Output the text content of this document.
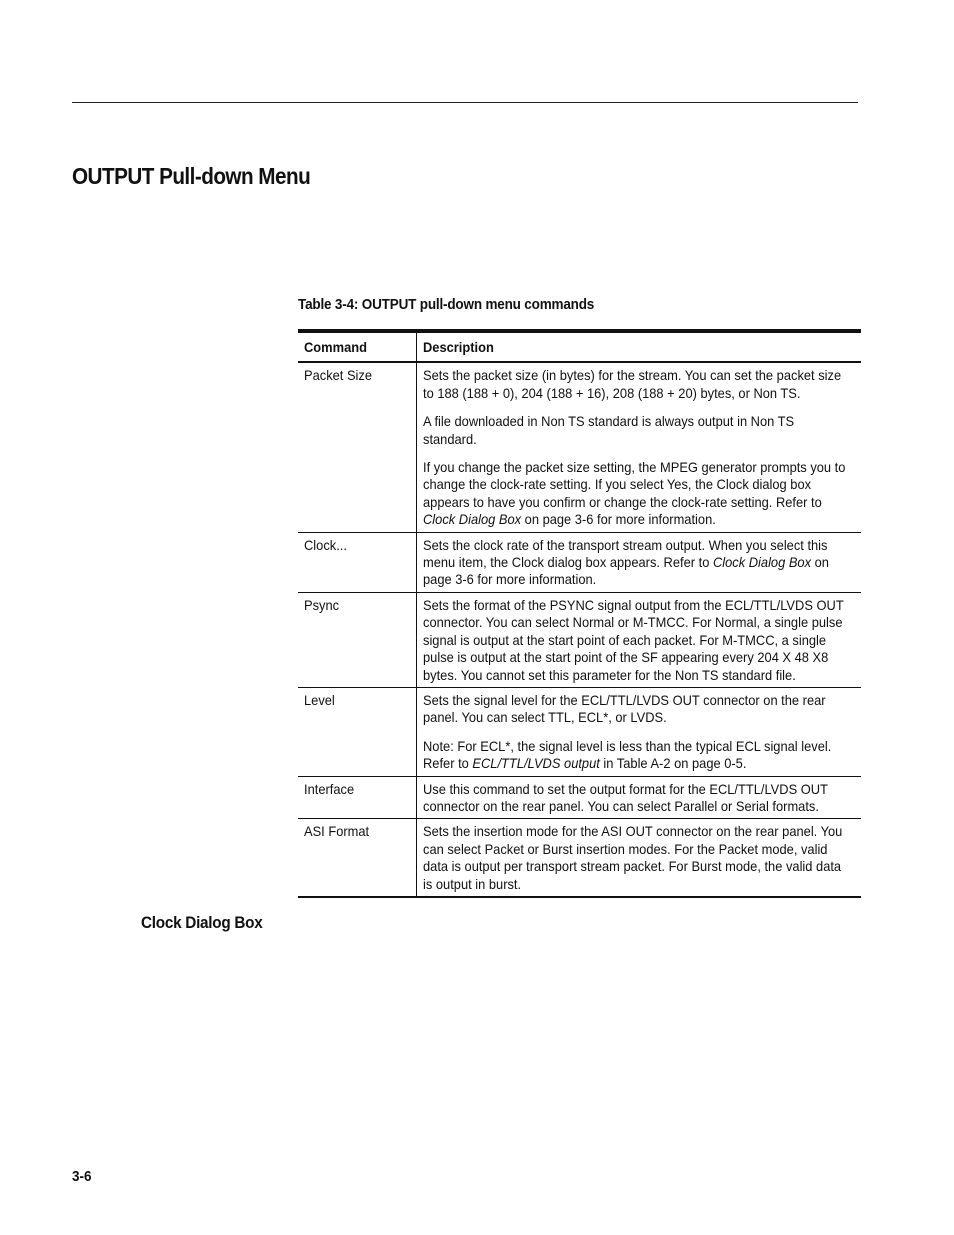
OUTPUT Pull-down Menu
Table 3-4: OUTPUT pull-down menu commands
Command	Description

Packet Size	Sets the packet size (in bytes) for the stream. You can set the packet size to 188 (188 + 0), 204 (188 + 16), 208 (188 + 20) bytes, or Non TS.

A file downloaded in Non TS standard is always output in Non TS standard.

If you change the packet size setting, the MPEG generator prompts you to change the clock-rate setting. If you select Yes, the Clock dialog box appears to have you confirm or change the clock-rate setting. Refer to Clock Dialog Box on page 3-6 for more information.

Clock...	Sets the clock rate of the transport stream output. When you select this menu item, the Clock dialog box appears. Refer to Clock Dialog Box on page 3-6 for more information.

Psync	Sets the format of the PSYNC signal output from the ECL/TTL/LVDS OUT connector. You can select Normal or M-TMCC. For Normal, a single pulse signal is output at the start point of each packet. For M-TMCC, a single pulse is output at the start point of the SF appearing every 204 X 48 X8 bytes. You cannot set this parameter for the Non TS standard file.

Level	Sets the signal level for the ECL/TTL/LVDS OUT connector on the rear panel. You can select TTL, ECL*, or LVDS.

Note: For ECL*, the signal level is less than the typical ECL signal level. Refer to ECL/TTL/LVDS output in Table A-2 on page 0-5.

Interface	Use this command to set the output format for the ECL/TTL/LVDS OUT connector on the rear panel. You can select Parallel or Serial formats.

ASI Format	Sets the insertion mode for the ASI OUT connector on the rear panel. You can select Packet or Burst insertion modes. For the Packet mode, valid data is output per transport stream packet. For Burst mode, the valid data is output in burst.

Clock Dialog Box
3-6
